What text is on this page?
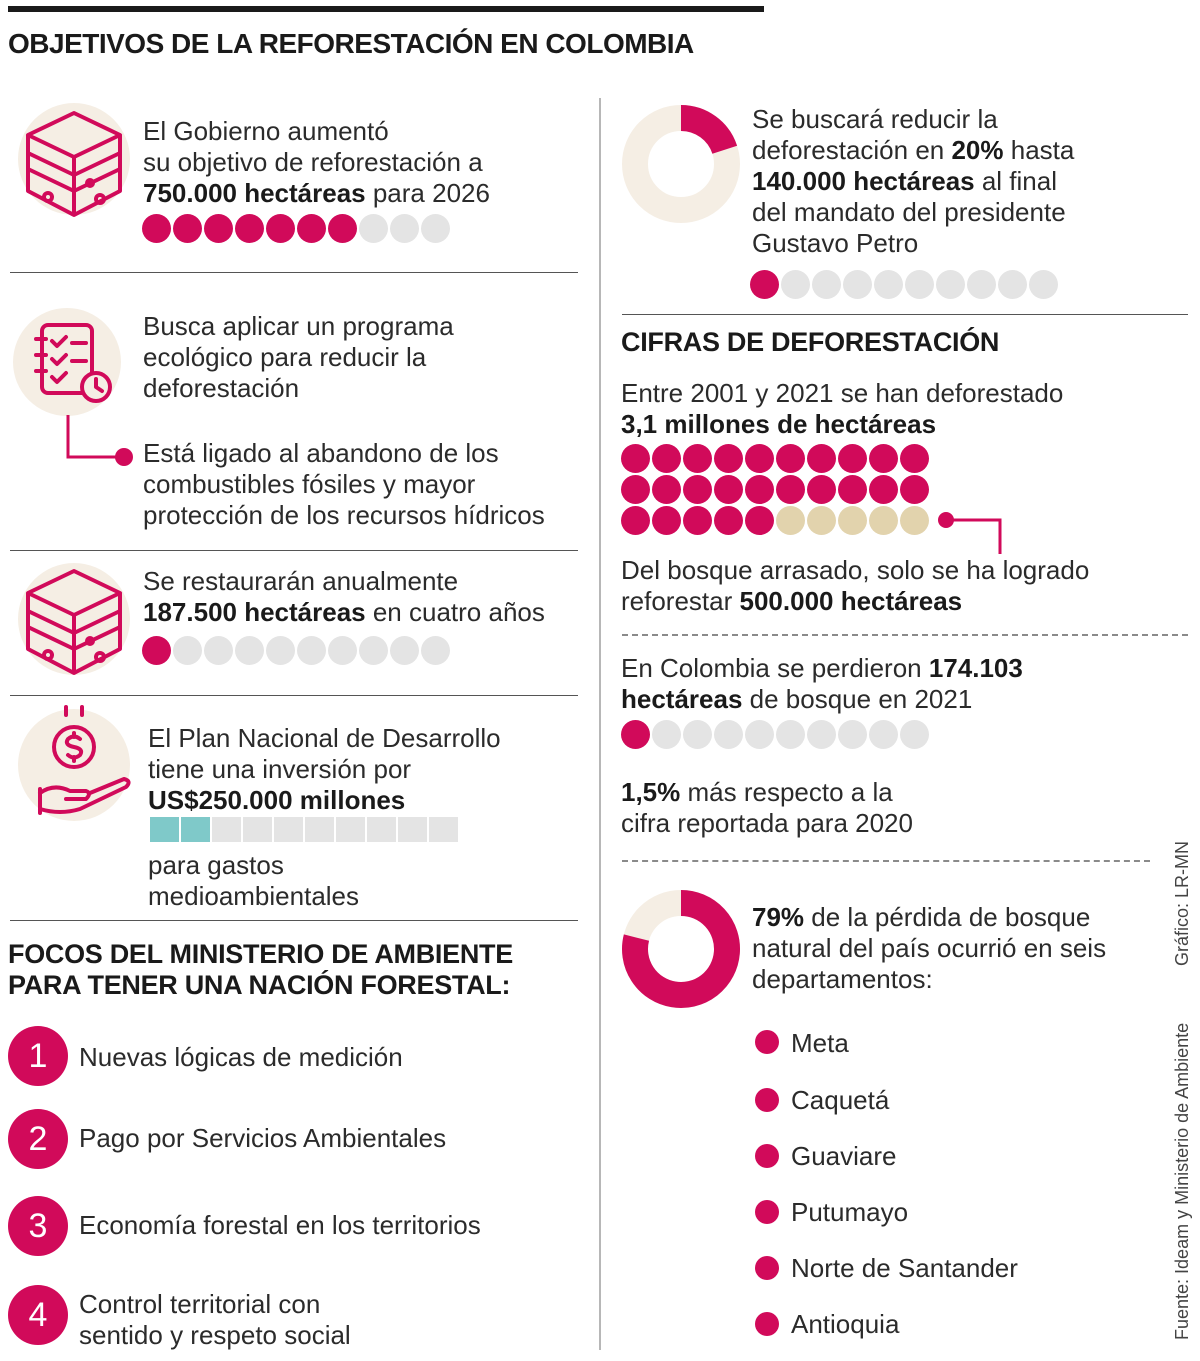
OBJETIVOS DE LA REFORESTACIÓN EN COLOMBIA
El Gobierno aumentó
su objetivo de reforestación a
750.000 hectáreas para 2026
Busca aplicar un programa
ecológico para reducir la
deforestación
Está ligado al abandono de los
combustibles fósiles y mayor
protección de los recursos hídricos
Se restaurarán anualmente
187.500 hectáreas en cuatro años
El Plan Nacional de Desarrollo
tiene una inversión por
US$250.000 millones
para gastos
medioambientales
FOCOS DEL MINISTERIO DE AMBIENTE
PARA TENER UNA NACIÓN FORESTAL:
1	Nuevas lógicas de medición
2	Pago por Servicios Ambientales
3	Economía forestal en los territorios
4	Control territorial con
sentido y respeto social
Se buscará reducir la
deforestación en 20% hasta
140.000 hectáreas al final
del mandato del presidente
Gustavo Petro
CIFRAS DE DEFORESTACIÓN
Entre 2001 y 2021 se han deforestado
3,1 millones de hectáreas
Del bosque arrasado, solo se ha logrado
reforestar 500.000 hectáreas
En Colombia se perdieron 174.103
hectáreas de bosque en 2021
1,5% más respecto a la
cifra reportada para 2020
79% de la pérdida de bosque
natural del país ocurrió en seis
departamentos:
Meta
Caquetá
Guaviare
Putumayo
Norte de Santander
Antioquia
Gráfico: LR-MN
Fuente: Ideam y Ministerio de Ambiente
